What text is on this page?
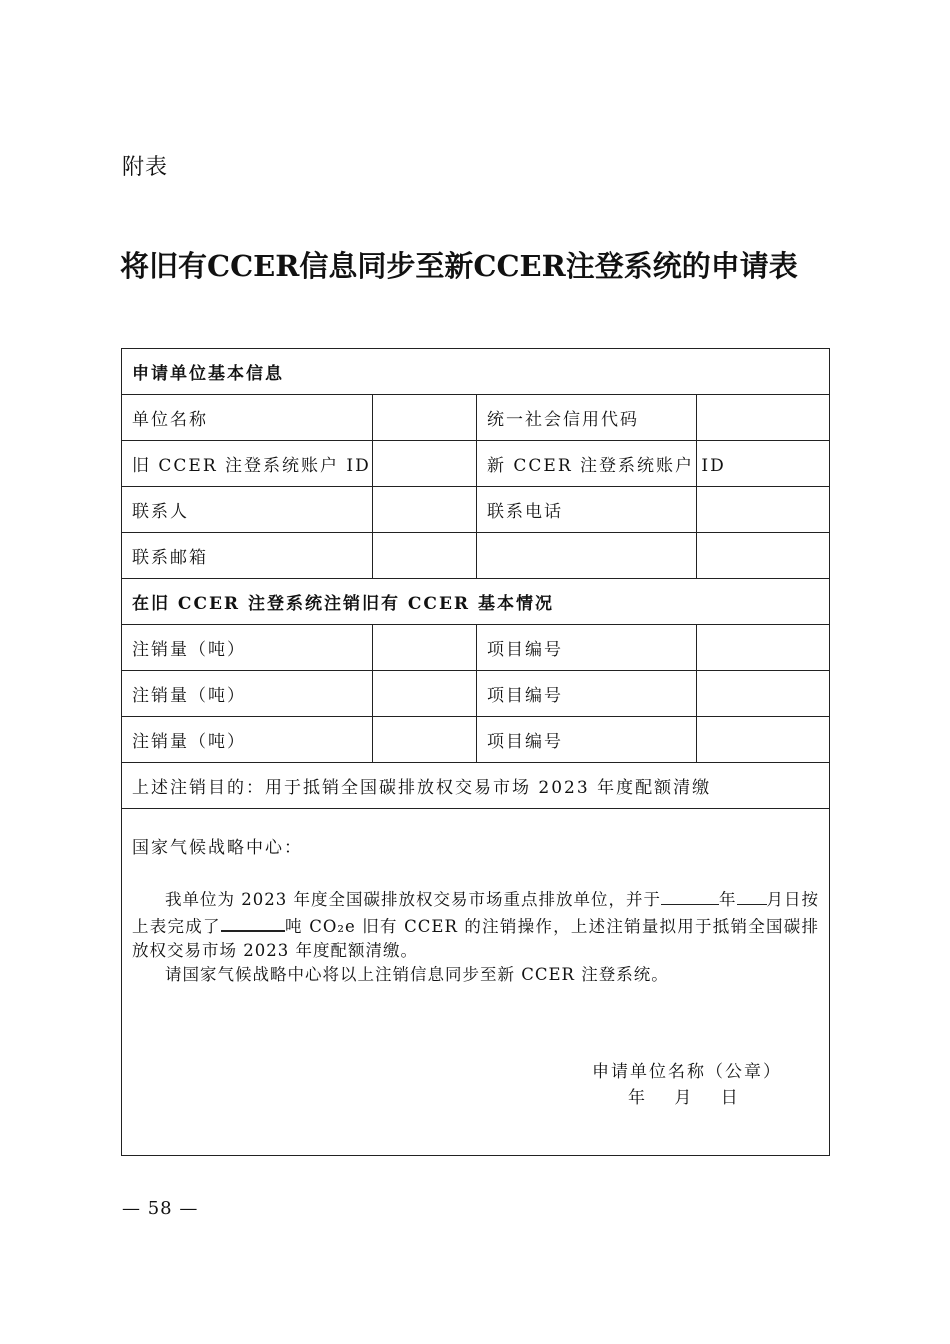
附表
将旧有CCER信息同步至新CCER注登系统的申请表
申请单位基本信息			
单位名称		统一社会信用代码	
旧 CCER 注登系统账户 ID		新 CCER 注登系统账户 ID	
联系人		联系电话	
联系邮箱			
在旧 CCER 注登系统注销旧有 CCER 基本情况			
注销量（吨）		项目编号	
注销量（吨）		项目编号	
注销量（吨）		项目编号	
上述注销目的：用于抵销全国碳排放权交易市场 2023 年度配额清缴			

国家气候战略中心：

我单位为 2023 年度全国碳排放权交易市场重点排放单位，并于 年 月日按上表完成了 吨 CO₂e 旧有 CCER 的注销操作，上述注销量拟用于抵销全国碳排放权交易市场 2023 年度配额清缴。

请国家气候战略中心将以上注销信息同步至新 CCER 注登系统。

申请单位名称（公章）
年 月 日			
— 58 —
